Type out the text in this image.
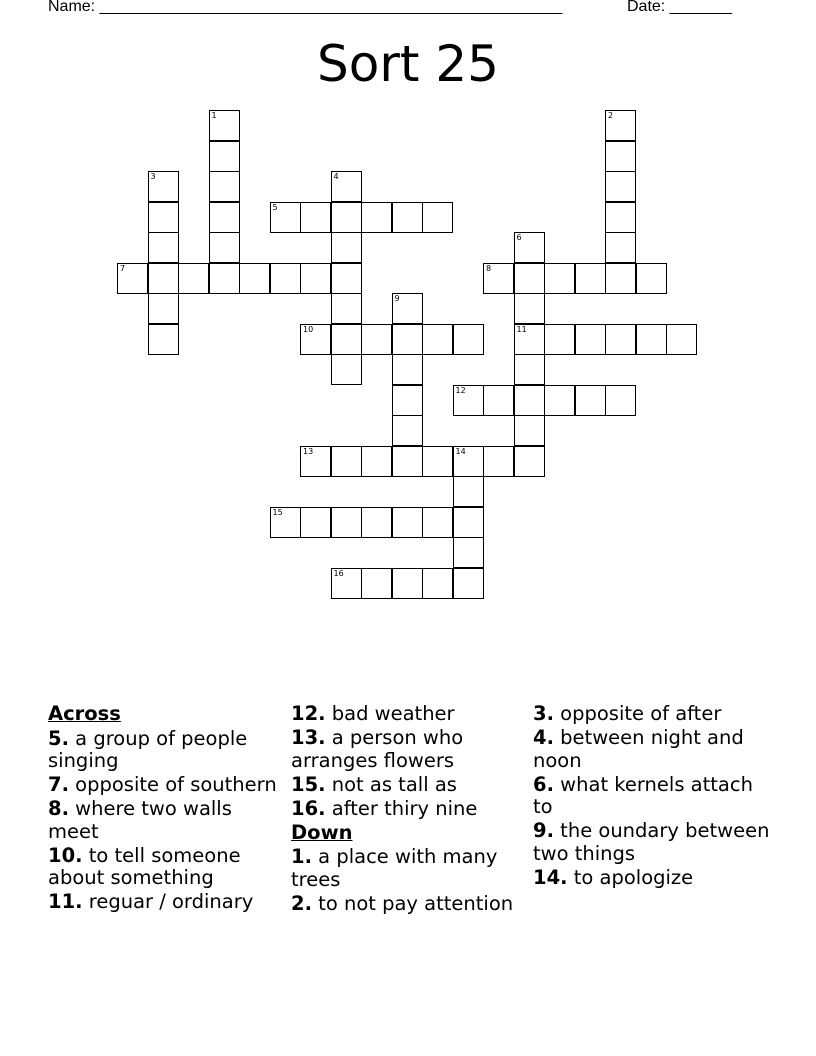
Name: ____________________________________________________	Date: _______
Sort 25
1	2
3	4
5
6
7	8
9
10	11
12
13	14
15
16
Across
5. a group of people singing
7. opposite of southern
8. where two walls meet
10. to tell someone about something
11. reguar / ordinary
12. bad weather
13. a person who arranges flowers
15. not as tall as
16. after thiry nine
Down
1. a place with many trees
2. to not pay attention
3. opposite of after
4. between night and noon
6. what kernels attach to
9. the oundary between two things
14. to apologize
